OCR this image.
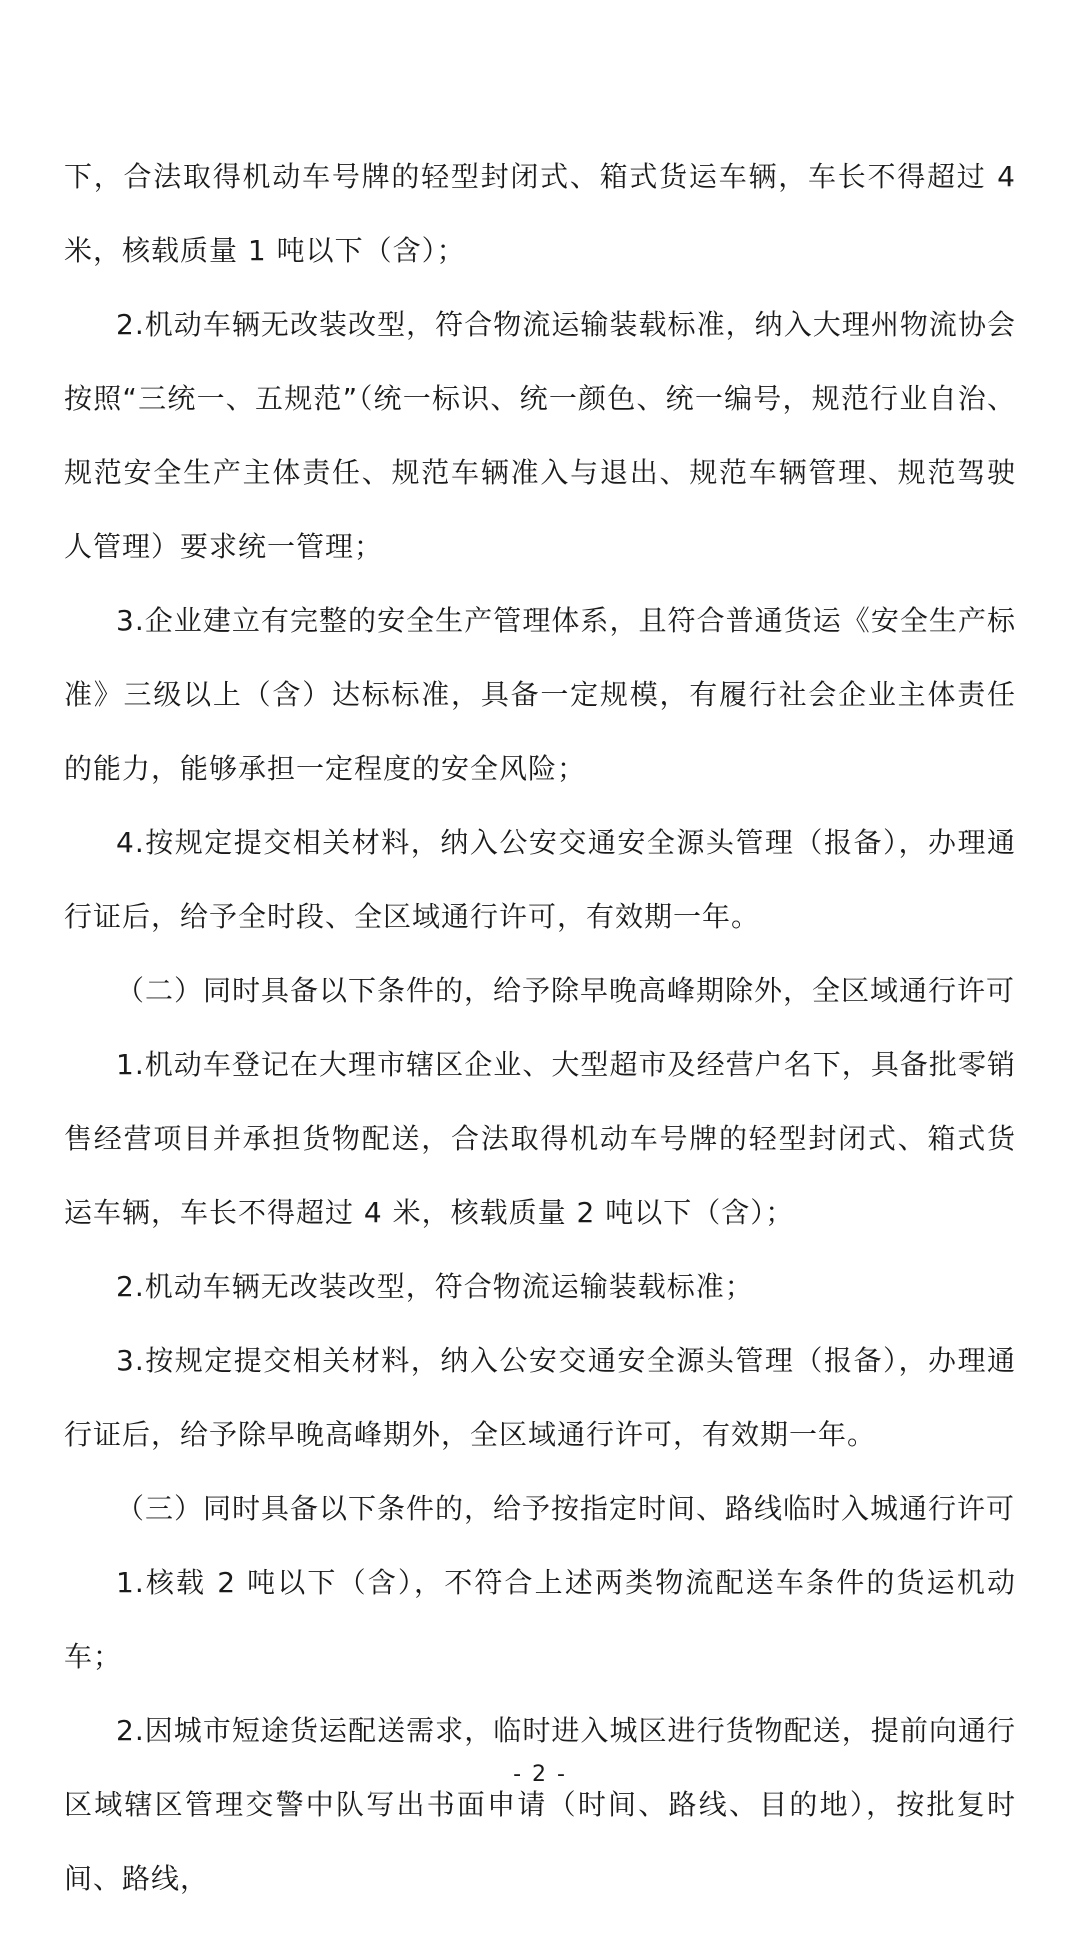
下，合法取得机动车号牌的轻型封闭式、箱式货运车辆，车长不得超过 4 米，核载质量 1 吨以下（含）；

2.机动车辆无改装改型，符合物流运输装载标准，纳入大理州物流协会按照“三统一、五规范”（统一标识、统一颜色、统一编号，规范行业自治、规范安全生产主体责任、规范车辆准入与退出、规范车辆管理、规范驾驶人管理）要求统一管理；

3.企业建立有完整的安全生产管理体系，且符合普通货运《安全生产标准》三级以上（含）达标标准，具备一定规模，有履行社会企业主体责任的能力，能够承担一定程度的安全风险；

4.按规定提交相关材料，纳入公安交通安全源头管理（报备），办理通行证后，给予全时段、全区域通行许可，有效期一年。

（二）同时具备以下条件的，给予除早晚高峰期除外，全区域通行许可

1.机动车登记在大理市辖区企业、大型超市及经营户名下，具备批零销售经营项目并承担货物配送，合法取得机动车号牌的轻型封闭式、箱式货运车辆，车长不得超过 4 米，核载质量 2 吨以下（含）；

2.机动车辆无改装改型，符合物流运输装载标准；

3.按规定提交相关材料，纳入公安交通安全源头管理（报备），办理通行证后，给予除早晚高峰期外，全区域通行许可，有效期一年。

（三）同时具备以下条件的，给予按指定时间、路线临时入城通行许可

1.核载 2 吨以下（含），不符合上述两类物流配送车条件的货运机动车；

2.因城市短途货运配送需求，临时进入城区进行货物配送，提前向通行区域辖区管理交警中队写出书面申请（时间、路线、目的地），按批复时间、路线，

- 2 -
